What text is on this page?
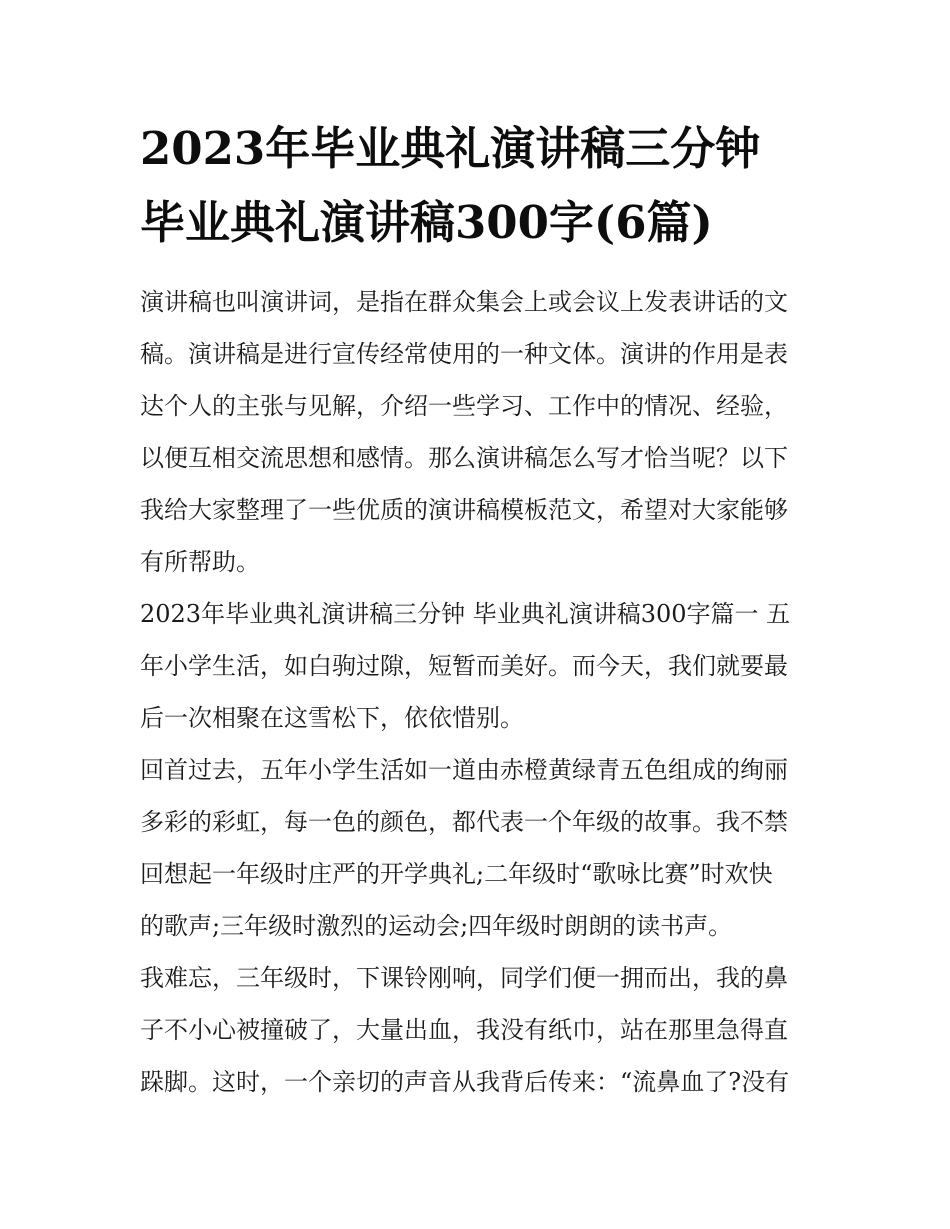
2023年毕业典礼演讲稿三分钟
毕业典礼演讲稿300字(6篇)

演讲稿也叫演讲词，是指在群众集会上或会议上发表讲话的文
稿。演讲稿是进行宣传经常使用的一种文体。演讲的作用是表
达个人的主张与见解，介绍一些学习、工作中的情况、经验，
以便互相交流思想和感情。那么演讲稿怎么写才恰当呢？以下
我给大家整理了一些优质的演讲稿模板范文，希望对大家能够
有所帮助。

2023年毕业典礼演讲稿三分钟 毕业典礼演讲稿300字篇一 五
年小学生活，如白驹过隙，短暂而美好。而今天，我们就要最
后一次相聚在这雪松下，依依惜别。

回首过去，五年小学生活如一道由赤橙黄绿青五色组成的绚丽
多彩的彩虹，每一色的颜色，都代表一个年级的故事。我不禁
回想起一年级时庄严的开学典礼;二年级时“歌咏比赛”时欢快
的歌声;三年级时激烈的运动会;四年级时朗朗的读书声。

我难忘，三年级时，下课铃刚响，同学们便一拥而出，我的鼻
子不小心被撞破了，大量出血，我没有纸巾，站在那里急得直
跺脚。这时，一个亲切的声音从我背后传来：“流鼻血了?没有
